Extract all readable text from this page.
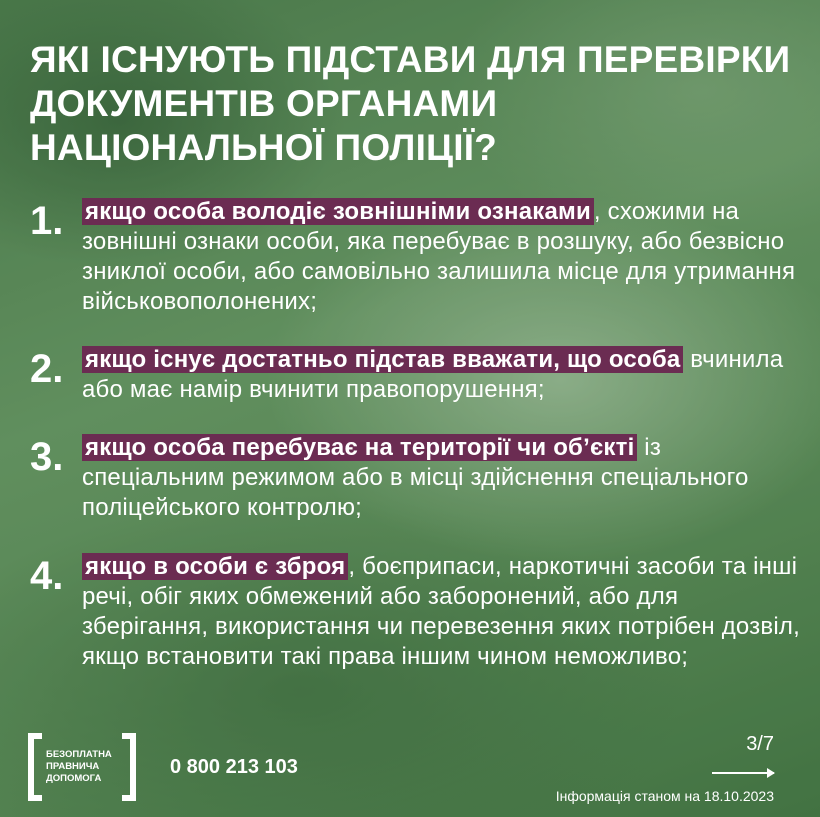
ЯКІ ІСНУЮТЬ ПІДСТАВИ ДЛЯ ПЕРЕВІРКИ ДОКУМЕНТІВ ОРГАНАМИ НАЦІОНАЛЬНОЇ ПОЛІЦІЇ?
1. якщо особа володіє зовнішніми ознаками , схожими на зовнішні ознаки особи, яка перебуває в розшуку, або безвісно зниклої особи, або самовільно залишила місце для утримання військовополонених;

2. якщо існує достатньо підстав вважати, що особа вчинила або має намір вчинити правопорушення;

3. якщо особа перебуває на території чи об’єкті із спеціальним режимом або в місці здійснення спеціального поліцейського контролю;

4. якщо в особи є зброя , боєприпаси, наркотичні засоби та інші речі, обіг яких обмежений або заборонений, або для зберігання, використання чи перевезення яких потрібен дозвіл, якщо встановити такі права іншим чином неможливо;

БЕЗОПЛАТНА
ПРАВНИЧА
ДОПОМОГА
0 800 213 103
3/7
Інформація станом на 18.10.2023
